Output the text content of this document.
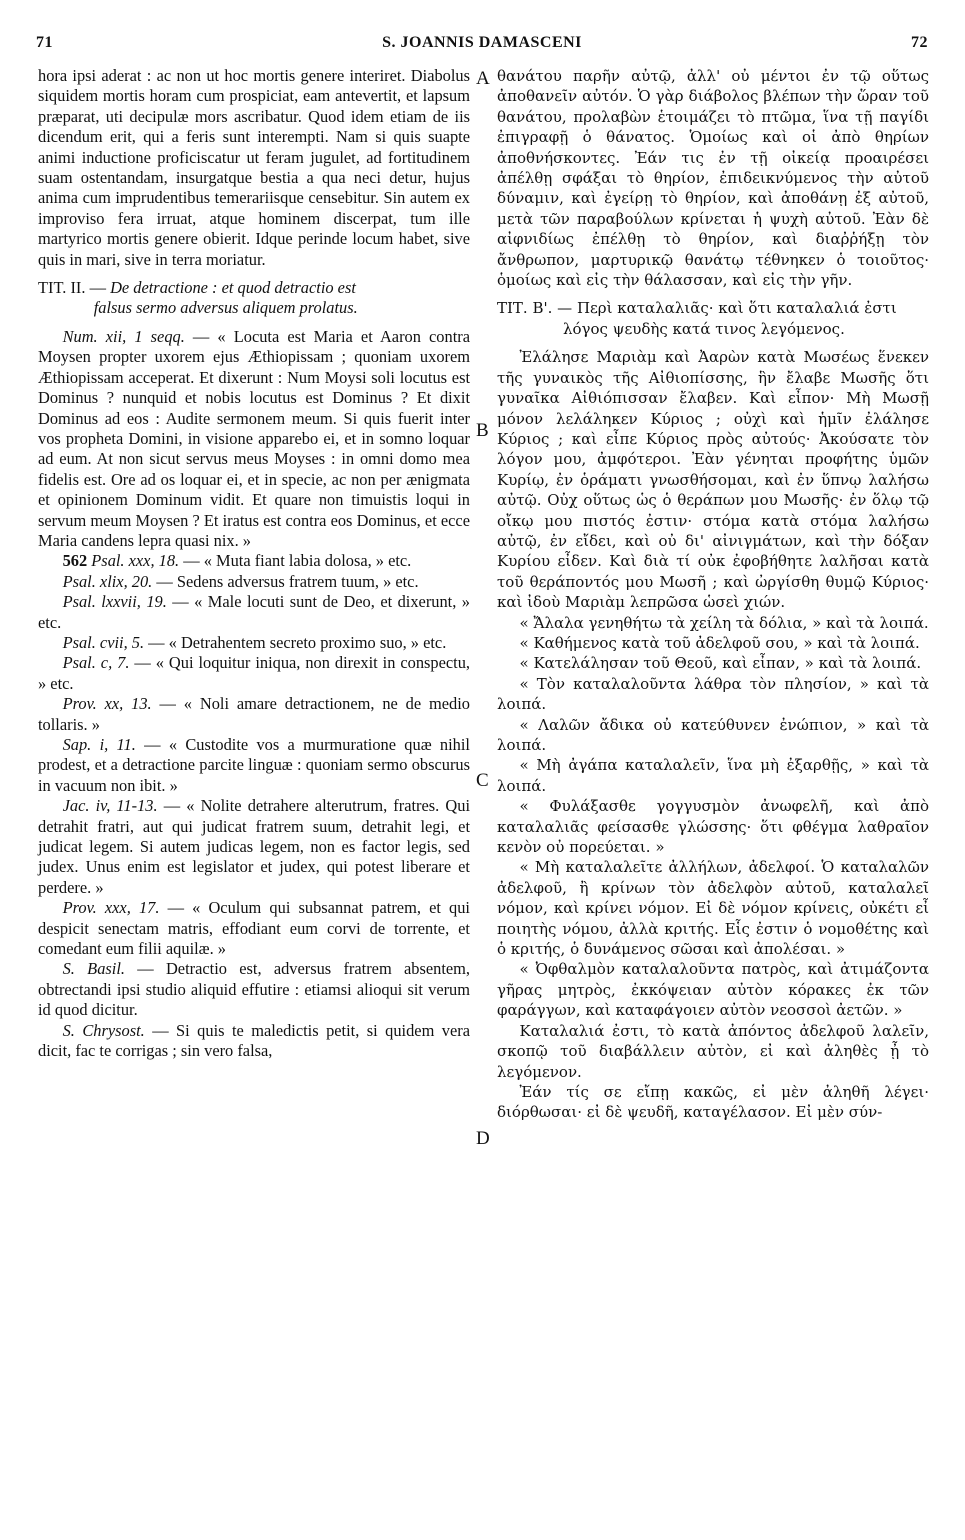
71	S. JOANNIS DAMASCENI	72
A
B
C
D

hora ipsi aderat : ac non ut hoc mortis genere interiret. Diabolus siquidem mortis horam cum prospiciat, eam antevertit, et lapsum præparat, uti decipulæ mors ascribatur. Quod idem etiam de iis dicendum erit, qui a feris sunt interempti. Nam si quis suapte animi inductione proficiscatur ut feram jugulet, ad fortitudinem suam ostentandam, insurgatque bestia a qua neci detur, hujus anima cum imprudentibus temerariisque censebitur. Sin autem ex improviso fera irruat, atque hominem discerpat, tum ille martyrico mortis genere obierit. Idque perinde locum habet, sive quis in mari, sive in terra moriatur.

TIT. II. — De detractione : et quod detractio est
falsus sermo adversus aliquem prolatus.

Num. xii, 1 seqq. — « Locuta est Maria et Aaron contra Moysen propter uxorem ejus Æthiopissam ; quoniam uxorem Æthiopissam acceperat. Et dixerunt : Num Moysi soli locutus est Dominus ? nunquid et nobis locutus est Dominus ? Et dixit Dominus ad eos : Audite sermonem meum. Si quis fuerit inter vos propheta Domini, in visione apparebo ei, et in somno loquar ad eum. At non sicut servus meus Moyses : in omni domo mea fidelis est. Ore ad os loquar ei, et in specie, ac non per ænigmata et opinionem Dominum vidit. Et quare non timuistis loqui in servum meum Moysen ? Et iratus est contra eos Dominus, et ecce Maria candens lepra quasi nix. »

562 Psal. xxx, 18. — « Muta fiant labia dolosa, » etc.

Psal. xlix, 20. — Sedens adversus fratrem tuum, » etc.

Psal. lxxvii, 19. — « Male locuti sunt de Deo, et dixerunt, » etc.

Psal. cvii, 5. — « Detrahentem secreto proximo suo, » etc.

Psal. c, 7. — « Qui loquitur iniqua, non direxit in conspectu, » etc.

Prov. xx, 13. — « Noli amare detractionem, ne de medio tollaris. »

Sap. i, 11. — « Custodite vos a murmuratione quæ nihil prodest, et a detractione parcite linguæ : quoniam sermo obscurus in vacuum non ibit. »

Jac. iv, 11-13. — « Nolite detrahere alterutrum, fratres. Qui detrahit fratri, aut qui judicat fratrem suum, detrahit legi, et judicat legem. Si autem judicas legem, non es factor legis, sed judex. Unus enim est legislator et judex, qui potest liberare et perdere. »

Prov. xxx, 17. — « Oculum qui subsannat patrem, et qui despicit senectam matris, effodiant eum corvi de torrente, et comedant eum filii aquilæ. »

S. Basil. — Detractio est, adversus fratrem absentem, obtrectandi ipsi studio aliquid effutire : etiamsi alioqui sit verum id quod dicitur.

S. Chrysost. — Si quis te maledictis petit, si quidem vera dicit, fac te corrigas ; sin vero falsa,

θανάτου παρῆν αὐτῷ, ἀλλ' οὐ μέντοι ἐν τῷ οὕτως ἀποθανεῖν αὐτόν. Ὁ γὰρ διάβολος βλέπων τὴν ὥραν τοῦ θανάτου, προλαβὼν ἑτοιμάζει τὸ πτῶμα, ἵνα τῇ παγίδι ἐπιγραφῇ ὁ θάνατος. Ὁμοίως καὶ οἱ ἀπὸ θηρίων ἀποθνήσκοντες. Ἐάν τις ἐν τῇ οἰκείᾳ προαιρέσει ἀπέλθῃ σφάξαι τὸ θηρίον, ἐπιδεικνύμενος τὴν αὐτοῦ δύναμιν, καὶ ἐγείρῃ τὸ θηρίον, καὶ ἀποθάνῃ ἐξ αὐτοῦ, μετὰ τῶν παραβούλων κρίνεται ἡ ψυχὴ αὐτοῦ. Ἐὰν δὲ αἰφνιδίως ἐπέλθῃ τὸ θηρίον, καὶ διαῤῥήξῃ τὸν ἄνθρωπον, μαρτυρικῷ θανάτῳ τέθνηκεν ὁ τοιοῦτος· ὁμοίως καὶ εἰς τὴν θάλασσαν, καὶ εἰς τὴν γῆν.

ΤΙΤ. Β'. — Περὶ καταλαλιᾶς· καὶ ὅτι καταλαλιά ἐστι
λόγος ψευδὴς κατά τινος λεγόμενος.

Ἐλάλησε Μαριὰμ καὶ Ἀαρὼν κατὰ Μωσέως ἕνεκεν τῆς γυναικὸς τῆς Αἰθιοπίσσης, ἣν ἔλαβε Μωσῆς ὅτι γυναῖκα Αἰθιόπισσαν ἔλαβεν. Καὶ εἶπον· Μὴ Μωσῇ μόνον λελάληκεν Κύριος ; οὐχὶ καὶ ἡμῖν ἐλάλησε Κύριος ; καὶ εἶπε Κύριος πρὸς αὐτούς· Ἀκούσατε τὸν λόγον μου, ἀμφότεροι. Ἐὰν γένηται προφήτης ὑμῶν Κυρίῳ, ἐν ὁράματι γνωσθήσομαι, καὶ ἐν ὕπνῳ λαλήσω αὐτῷ. Οὐχ οὕτως ὡς ὁ θεράπων μου Μωσῆς· ἐν ὅλῳ τῷ οἴκῳ μου πιστός ἐστιν· στόμα κατὰ στόμα λαλήσω αὐτῷ, ἐν εἴδει, καὶ οὐ δι' αἰνιγμάτων, καὶ τὴν δόξαν Κυρίου εἶδεν. Καὶ διὰ τί οὐκ ἐφοβήθητε λαλῆσαι κατὰ τοῦ θεράποντός μου Μωσῆ ; καὶ ὠργίσθη θυμῷ Κύριος· καὶ ἰδοὺ Μαριὰμ λεπρῶσα ὡσεὶ χιών.

« Ἄλαλα γενηθήτω τὰ χείλη τὰ δόλια, » καὶ τὰ λοιπά.

« Καθήμενος κατὰ τοῦ ἀδελφοῦ σου, » καὶ τὰ λοιπά.

« Κατελάλησαν τοῦ Θεοῦ, καὶ εἶπαν, » καὶ τὰ λοιπά.

« Τὸν καταλαλοῦντα λάθρα τὸν πλησίον, » καὶ τὰ λοιπά.

« Λαλῶν ἄδικα οὐ κατεύθυνεν ἐνώπιον, » καὶ τὰ λοιπά.

« Μὴ ἀγάπα καταλαλεῖν, ἵνα μὴ ἐξαρθῇς, » καὶ τὰ λοιπά.

« Φυλάξασθε γογγυσμὸν ἀνωφελῆ, καὶ ἀπὸ καταλαλιᾶς φείσασθε γλώσσης· ὅτι φθέγμα λαθραῖον κενὸν οὐ πορεύεται. »

« Μὴ καταλαλεῖτε ἀλλήλων, ἀδελφοί. Ὁ καταλαλῶν ἀδελφοῦ, ἢ κρίνων τὸν ἀδελφὸν αὐτοῦ, καταλαλεῖ νόμον, καὶ κρίνει νόμον. Εἰ δὲ νόμον κρίνεις, οὐκέτι εἶ ποιητὴς νόμου, ἀλλὰ κριτής. Εἷς ἐστιν ὁ νομοθέτης καὶ ὁ κριτής, ὁ δυνάμενος σῶσαι καὶ ἀπολέσαι. »

« Ὀφθαλμὸν καταλαλοῦντα πατρὸς, καὶ ἀτιμάζοντα γῆρας μητρὸς, ἐκκόψειαν αὐτὸν κόρακες ἐκ τῶν φαράγγων, καὶ καταφάγοιεν αὐτὸν νεοσσοὶ ἀετῶν. »

Καταλαλιά ἐστι, τὸ κατὰ ἀπόντος ἀδελφοῦ λαλεῖν, σκοπῷ τοῦ διαβάλλειν αὐτὸν, εἰ καὶ ἀληθὲς ᾖ τὸ λεγόμενον.

Ἐάν τίς σε εἴπῃ κακῶς, εἰ μὲν ἀληθῆ λέγει· διόρθωσαι· εἰ δὲ ψευδῆ, καταγέλασον. Εἰ μὲν σύν-
